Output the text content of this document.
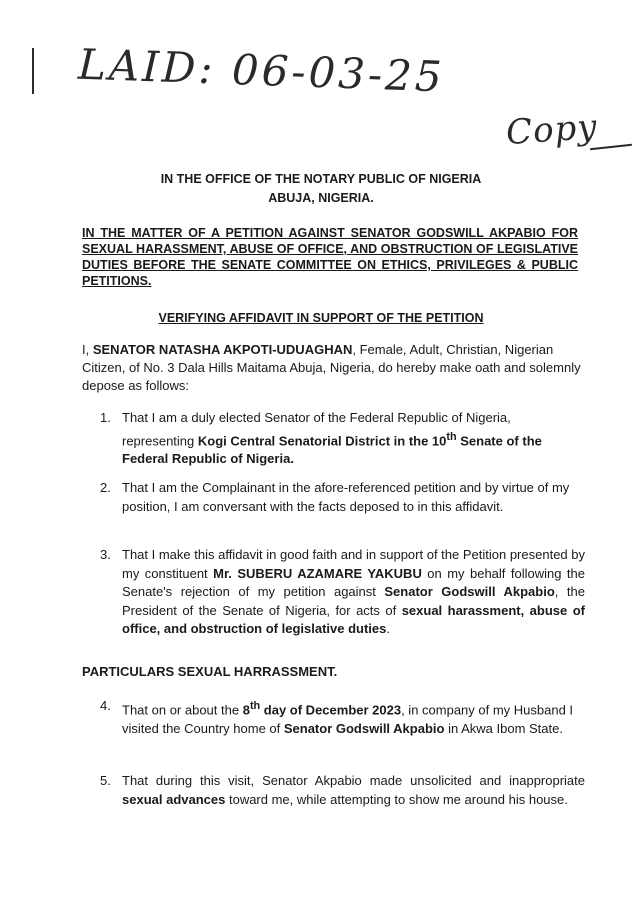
LAID: 06-03-25
Copy
IN THE OFFICE OF THE NOTARY PUBLIC OF NIGERIA
ABUJA, NIGERIA.

IN THE MATTER OF A PETITION AGAINST SENATOR GODSWILL AKPABIO FOR SEXUAL HARASSMENT, ABUSE OF OFFICE, AND OBSTRUCTION OF LEGISLATIVE DUTIES BEFORE THE SENATE COMMITTEE ON ETHICS, PRIVILEGES & PUBLIC PETITIONS.

VERIFYING AFFIDAVIT IN SUPPORT OF THE PETITION

I, SENATOR NATASHA AKPOTI-UDUAGHAN, Female, Adult, Christian, Nigerian Citizen, of No. 3 Dala Hills Maitama Abuja, Nigeria, do hereby make oath and solemnly depose as follows:

1. That I am a duly elected Senator of the Federal Republic of Nigeria, representing Kogi Central Senatorial District in the 10th Senate of the Federal Republic of Nigeria.
2. That I am the Complainant in the afore-referenced petition and by virtue of my position, I am conversant with the facts deposed to in this affidavit.
3. That I make this affidavit in good faith and in support of the Petition presented by my constituent Mr. SUBERU AZAMARE YAKUBU on my behalf following the Senate's rejection of my petition against Senator Godswill Akpabio, the President of the Senate of Nigeria, for acts of sexual harassment, abuse of office, and obstruction of legislative duties.
PARTICULARS SEXUAL HARRASSMENT.
4. That on or about the 8th day of December 2023, in company of my Husband I visited the Country home of Senator Godswill Akpabio in Akwa Ibom State.
5. That during this visit, Senator Akpabio made unsolicited and inappropriate sexual advances toward me, while attempting to show me around his house.
